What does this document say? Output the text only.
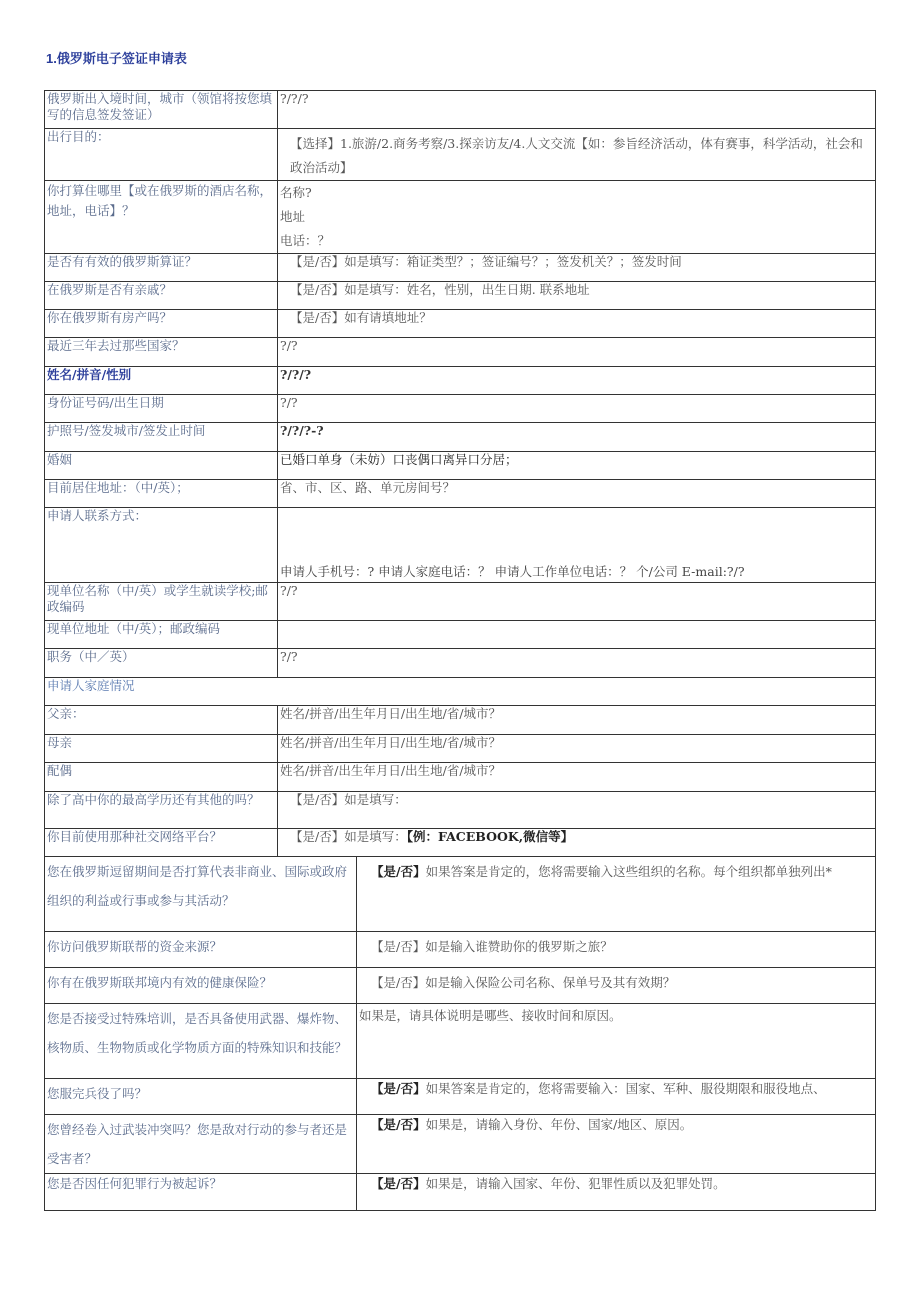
1.俄罗斯电子签证申请表
俄罗斯出入境时间，城市（领馆将按您填写的信息签发签证）	?/?/?	
出行目的：	【选择】1.旅游/2.商务考察/3.探亲访友/4.人文交流【如：参旨经济活动，体有赛事，科学活动，社会和政治活动】	
你打算住哪里【或在俄罗斯的酒店名称，地址，电话】？	名称?
地址
电话：？	

是否有有效的俄罗斯算证？	【是/否】如是填写：箱证类型？；签证编号？；签发机关？；签发时间	
在俄罗斯是否有亲戚？	【是/否】如是填写：姓名，性别，出生日期. 联系地址	
你在俄罗斯有房产吗？	【是/否】如有请填地址？	
最近三年去过那些国家？	?/?	
姓名/拼音/性别	?/?/?	
身份证号码/出生日期	?/?	
护照号/签发城市/签发止时间	?/?/?-?	
婚姻	已婚口单身（未妨）口丧偶口离异口分居；	
目前居住地址：（中/英）；	省、市、区、路、单元房间号？	
申请人联系方式：	申请人手机号：? 申请人家庭电话：？ 申请人工作单位电话：？ 个/公司 E-mail:?/?	
现单位名称（中/英）或学生就读学校;邮政编码	?/?	
现单位地址（中/英）；邮政编码		
职务（中／英）	?/?	
申请人家庭情况		
父亲：	姓名/拼音/出生年月日/出生地/省/城市？	
母亲	姓名/拼音/出生年月日/出生地/省/城市？	
配偶	姓名/拼音/出生年月日/出生地/省/城市？	
除了高中你的最高学历还有其他的吗？	【是/否】如是填写：	
你目前使用那种社交网络平台？	【是/否】如是填写：【例：FACEBOOK,微信等】	
您在俄罗斯逗留期间是否打算代表非商业、国际或政府组织的利益或行事或参与其活动？		【是/否】如果答案是肯定的，您将需要输入这些组织的名称。每个组织都单独列出*
你访问俄罗斯联帮的资金来源？		【是/否】如是输入谁赞助你的俄罗斯之旅？
你有在俄罗斯联邦境内有效的健康保险？		【是/否】如是输入保险公司名称、保单号及其有效期？
您是否接受过特殊培训，是否具备使用武器、爆炸物、核物质、生物物质或化学物质方面的特殊知识和技能？		如果是，请具体说明是哪些、接收时间和原因。
您服完兵役了吗？		【是/否】如果答案是肯定的，您将需要输入：国家、军种、服役期限和服役地点、
您曾经卷入过武装冲突吗？您是敌对行动的参与者还是受害者？		【是/否】如果是，请输入身份、年份、国家/地区、原因。
您是否因任何犯罪行为被起诉？		【是/否】如果是，请输入国家、年份、犯罪性质以及犯罪处罚。
